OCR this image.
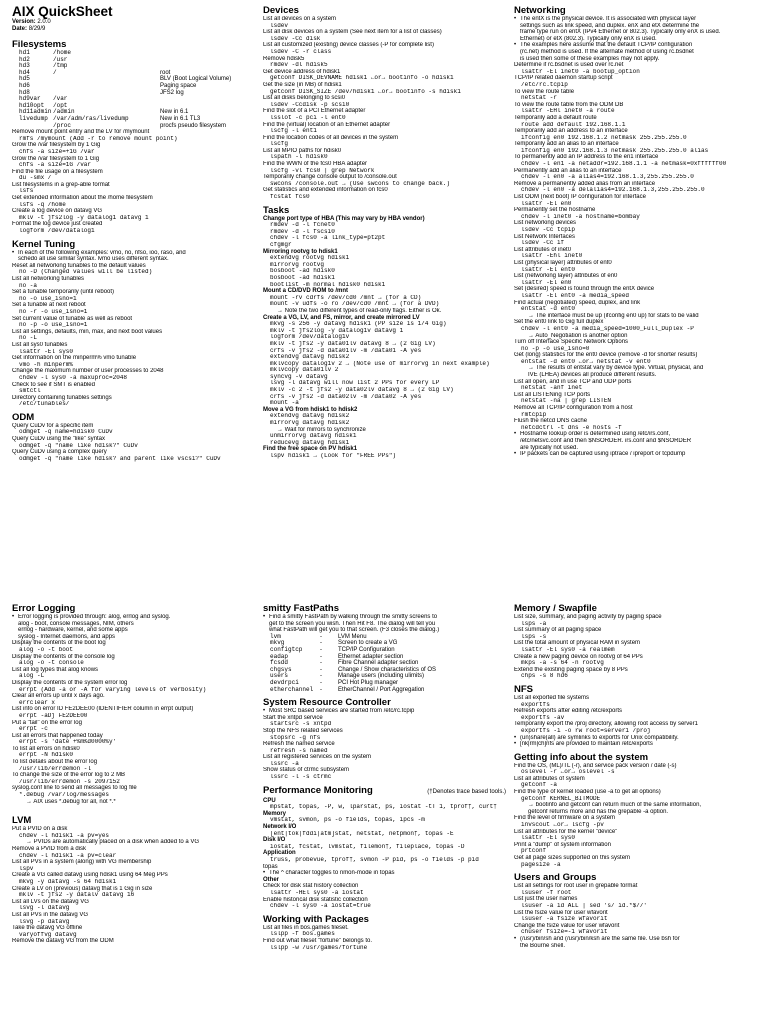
AIX QuickSheet
Version: 2.0.0
Date: 8/29/9
Filesystems
hd1	/home
hd2	/usr
hd3	/tmp
hd4	/	root
hd5	BLV (Boot Logical Volume)
hd6	Paging space
hd8	JFS2 log
hd9var	/var
hd10opt	/opt
hd11admin /admin	New in 6.1
livedump /var/adm/ras/livedump	New in 6.1 TL3
/proc	procfs pseudo filesystem
Remove mount point entry and the LV for /mymount
rmfs /mymount (Add -r to remove mount point)
Grow the /var filesystem by 1 Gig
chfs -a size=+1G /var
Grow the /var filesystem to 1 Gig
chfs -a size=1G /var
Find the file usage on a filesystem
du -smx /
List filesystems in a grep-able format
lsfs
Get extended information about the /home filesystem
lsfs -q /home
Create a log device on datavg VG
mklv -t jfs2log -y datalog1 datavg 1
Format the log device just created
logform /dev/datalog1
Kernel Tuning
• In each of the following examples: vmo, no, nfso, ioo, raso, and
schedo all use similar syntax. lvmo uses different syntax.
Reset all networking tunables to the default values
no -D (Changed values will be listed)
List all networking tunables
no -a
Set a tunable temporarily (until reboot)
no -o use_isno=1
Set a tunable at next reboot
no -r -o use_isno=1
Set current value of tunable as well as reboot
no -p -o use_isno=1
List all settings, defaults, min, max, and next boot values
no -L
List all sys0 tunables
lsattr -El sys0
Get information on the minperm% vmo tunable
vmo -h minperm%
Change the maximum number of user processes to 2048
chdev -l sys0 -a maxuproc=2048
Check to see if SMT is enabled
smtctl
Directory containing tunables settings
/etc/tunables/
ODM
Query CuDv for a specific item
odmget -q name=hdisk0 CuDv
Query CuDv using the "like" syntax
odmget -q "name like hdisk?" CuDv
Query CuDv using a complex query
odmget -q "name like hdisk? and parent like vscsi?" CuDv
Devices
List all devices on a system
lsdev
List all disk devices on a system (See next item for a list of classes)
lsdev -Cc disk
List all customized (existing) device classes (-P for complete list)
lsdev -C -r class
Remove hdisk5
rmdev -dl hdisk5
Get device address of hdisk1
getconf DISK_DEVNAME hdisk1 ←or→ bootinfo -o hdisk1
Get the size (in MB) of hdisk1
getconf DISK_SIZE /dev/hdisk1 ←or→ bootinfo -s hdisk1
List all disks belonging to scsi0
lsdev -Ccdisk -p scsi0
Find the slot of a PCI Ethernet adapter
lsslot -c pci -l ent0
Find the (virtual) location of an Ethernet adapter
lscfg -l ent1
Find the location codes of all devices in the system
lscfg
List all MPIO paths for hdisk0
lspath -l hdisk0
Find the WWN of the fcs0 HBA adapter
lscfg -vl fcs0 | grep Network
Temporarily change console output to /console.out
swcons /console.out → (Use swcons to change back.)
Get statistics and extended information on fcs0
fcstat fcs0
Tasks
Change port type of HBA (This may vary by HBA vendor)
rmdev -d -l fcnet0
rmdev -d -l fscsi0
chdev -l fcs0 -a link_type=pt2pt
cfgmgr
Mirroring rootvg to hdisk1
extendvg rootvg hdisk1
mirrorvg rootvg
bosboot -ad hdisk0
bosboot -ad hdisk1
bootlist -m normal hdisk0 hdisk1
Mount a CD/DVD ROM to /mnt
mount -rv cdrfs /dev/cd0 /mnt → (for a CD)
mount -v udfs -o ro /dev/cd0 /mnt → (for a DVD)
→ Note the two different types of read-only flags. Either is Ok.
Create a VG, LV, and FS, mirror, and create mirrored LV
mkvg -s 256 -y datavg hdisk1 (PP size is 1/4 Gig)
mklv -t jfs2log -y datalog1v datavg 1
logform /dev/datalog1v
mklv -t jfs2 -y data01lv datavg 8 → (2 Gig LV)
crfs -v jfs2 -d data01lv -m /data01 -A yes
extendvg datavg hdisk2
mklvcopy datalog1v 2 → (Note use of mirrorvg in next example)
mklvcopy data01lv 2
syncvg -v datavg
lsvg -l datavg will now list 2 PPs for every LP
mklv -c 2 -t jfs2 -y data02lv datavg 8 → (2 Gig LV)
crfs -v jfs2 -d data02lv -m /data02 -A yes
mount -a
Move a VG from hdisk1 to hdisk2
extendvg datavg hdisk2
mirrorvg datavg hdisk2
→ Wait for mirrors to synchronize
unmirrorvg datavg hdisk1
reducevg datavg hdisk1
Find the free space on PV hdisk1
lspv hdisk1 → (Look for "FREE PPs")
Networking
• The entX is the physical device. It is associated with physical layer
settings such as link speed, and duplex. enX and etX determine the
frame type run on entX (IPv4 Ethernet or 802.3). Typically only enX is used.
Ethernet) or etX (802.3). Typically only enX is used.
• The examples here assume that the default TCP/IP configuration
(rc.net) method is used. If the alternate method of using rc.bsdnet
is used then some of these examples may not apply.
Determine if rc.bsdnet is used over rc.net
lsattr -El inet0 -a bootup_option
TCP/IP related daemon startup script
/etc/rc.tcpip
To view the route table
netstat -r
To view the route table from the ODM DB
lsattr -EHl inet0 -a route
Temporarily add a default route
route add default 192.168.1.1
Temporarily add an address to an interface
ifconfig en0 192.168.1.2 netmask 255.255.255.0
Temporarily add an alias to an interface
ifconfig en0 192.168.1.3 netmask 255.255.255.0 alias
To permanently add an IP address to the en1 interface
chdev -l en1 -a netaddr=192.168.1.1 -a netmask=0xffffff00
Permanently add an alias to an interface
chdev -l en0 -a alias4=192.168.1.3,255.255.255.0
Remove a permanently added alias from an interface
chdev -l en0 -a delalias4=192.168.1.3,255.255.255.0
List ODM (next boot) IP configuration for interface
lsattr -El en0
Permanently set the hostname
chdev -l inet0 -a hostname=bombay
List networking devices
lsdev -Cc tcpip
List Network Interfaces
lsdev -Cc if
List attributes of inet0
lsattr -Ehl inet0
List (physical layer) attributes of ent0
lsattr -El ent0
List (networking layer) attributes of en0
lsattr -El en0
Set (desired) speed is found through the entX device
lsattr -El ent0 -a media_speed
Find actual (negotiated) speed, duplex, and link
entstat -d ent0
→ The interface must be up (ifconfig en0 up) for stats to be valid
Set the ent0 link to Gig full duplex
chdev -l ent0 -a media_speed=1000_Full_Duplex -P
→ Auto_Negotiation is another option
Turn off Interface Specific Network Options
no -p -o use_isno=0
Get (long) statistics for the ent0 device (remove -d for shorter results)
entstat -d ent0 ←or→ netstat -v ent0
→ The results of entstat vary by device type. Virtual, physical, and
IVE (LHEA) devices all produce different results.
List all open, and in use TCP and UDP ports
netstat -anf inet
List all LISTENing TCP ports
netstat -na | grep LISTEN
Remove all TCP/IP configuration from a host
rmtcpip
Flush the netcd DNS cache
netcdctrl -t dns -e hosts -f
• Hostname lookup order is determined using /etc/irs.conf,
/etc/netsvc.conf and then $NSORDER. irs.conf and $NSORDER
are typically not used.
• IP packets can be captured using iptrace / ipreport or tcpdump
Error Logging
• Error logging is provided through: alog, errlog and syslog.
alog - boot, console messages, NIM, others
errlog - hardware, kernel, and some apps
syslog - Internet daemons, and apps
Display the contents of the boot log
alog -o -t boot
Display the contents of the console log
alog -o -t console
List all log types that alog knows
alog -L
Display the contents of the system error log
errpt (Add -a or -A for varying levels of verbosity)
Clear all errors up until x days ago.
errclear x
List info on error ID FE2DEE00 (IDENTIFIER column in errpt output)
errpt -aDj FE2DEE00
Put a "tail" on the error log
errpt -c
List all errors that happened today
errpt -s 'date +%m%d0000%y'
To list all errors on hdisk0
errpt -N hdisk0
To list details about the error log
/usr/lib/errdemon -l
To change the size of the error log to 2 MB
/usr/lib/errdemon -s 2097152
syslog.conf line to send all messages to log file
*.debug /var/log/messages
→ AIX uses *.debug for all, not *.*
LVM
Put a PVID on a disk
chdev -l hdisk1 -a pv=yes
→ PVIDs are automatically placed on a disk when added to a VG
Remove a PVID from a disk
chdev -l hdisk1 -a pv=clear
List all PVs in a system (along) with VG membership
lspv
Create a VG called datavg using hdisk1 using 64 Meg PPs
mkvg -y datavg -s 64 hdisk1
Create a LV on (previous) datavg that is 1 Gig in size
mklv -t jfs2 -y datalv datavg 16
List all LVs on the datavg VG
lsvg -l datavg
List all PVs in the datavg VG
lsvg -p datavg
Take the datavg VG offline
varyoffvg datavg
Remove the datavg VG from the ODM
smitty FastPaths
• Find a smitty FastPath by walking through the smitty screens to
get to the screen you wish. Then Hit F8. The dialog will tell you
what FastPath will get you to that screen. (F3 closes the dialog.)
lvm	-	LVM Menu
mkvg	-	Screen to create a VG
configtcp	-	TCP/IP Configuration
eadap	-	Ethernet adapter section
fcsdd	-	Fibre Channel adapter section
chgsys	-	Change / Show characteristics of OS
users	-	Manage users (including ulimits)
devdrpci	-	PCI Hot Plug manager
etherchannel	-	EtherChannel / Port Aggregation
System Resource Controller
• Most SRC based services are started from /etc/rc.tcpip
Start the xntpd service
startsrc -s xntpd
Stop the NFS related services
stopsrc -g nfs
Refresh the named service
refresh -s named
List all registered services on the system
lssrc -a
Show status of ctrmc subsystem
lssrc -l -s ctrmc
Performance Monitoring	(†Denotes trace based tools.)
CPU
mpstat, topas, -P, w, lparstat, ps, iostat -tT 1, tprof†, curt†
Memory
vmstat, svmon, ps -o fields, topas, ipcs -m
Network I/O
[ent|tok|fddi|atm]stat, netstat, netpmon†, topas -E
Disk I/O
iostat, fcstat, lvmstat, filemon†, fileplace, topas -D
Application
truss, probevue, tprof†, svmon -P pid, ps -o fields -p pid
topas
• The ^ character toggles to nmon-mode in topas
Other
Check for disk stat history collection
lsattr -HEl sys0 -a iostat
Enable historical disk statistic collection
chdev -l sys0 -a iostat=true
Working with Packages
List all files in bos.games fileset.
lslpp -f bos.games
Find out what fileset "fortune" belongs to.
lslpp -w /usr/games/fortune
Memory / Swapfile
List size, summary, and paging activity by paging space
lsps -a
List summary of all paging space
lsps -s
List the total amount of physical RAM in system
lsattr -El sys0 -a realmem
Create a new paging device on rootvg of 64 PPs
mkps -a -s 64 -n rootvg
Extend the existing paging space by 8 PPs
chps -s 8 hd6
NFS
List all exported file systems
exportfs
Refresh exports after editing /etc/exports
exportfs -av
Temporarily export the /proj directory, allowing root access by server1
exportfs -i -o rw root=server1 /proj
• (un)share(all) are symlinks to exportfs for Unix compatibility.
• [nk|rm|ch]nfs are provided to maintain /etc/exports
Getting info about the system
Find the OS, (ML)/TL (-r), and service pack version / date (-s)
oslevel -r ←or→ oslevel -s
List all attributes of system
getconf -a
Find the type of kernel loaded (use -a to get all options)
getconf KERNEL_BITMODE
→ bootinfo and getconf can return much of the same information,
getconf returns more and has the grepable -a option.
Find the level of firmware on a system
invscout ←or→ lscfg -pv
List all attributes for the kernel "device"
lsattr -El sys0
Print a "dump" of system information
prtconf
Get all page sizes supported on this system
pagesize -a
Users and Groups
List all settings for root user in grepable format
lsuser -f root
List just the user names
lsuser -a id ALL | sed 's/ id.*$//'
List the fsize value for user wfavorit
lsuser -a fsize wfavorit
Change the fsize value for user wfavorit
chuser fsize=-1 wfavorit
• (/usr)/bin/sh and (/usr)/bin/ksh are the same file. Use bsh for
the Bourne shell.
